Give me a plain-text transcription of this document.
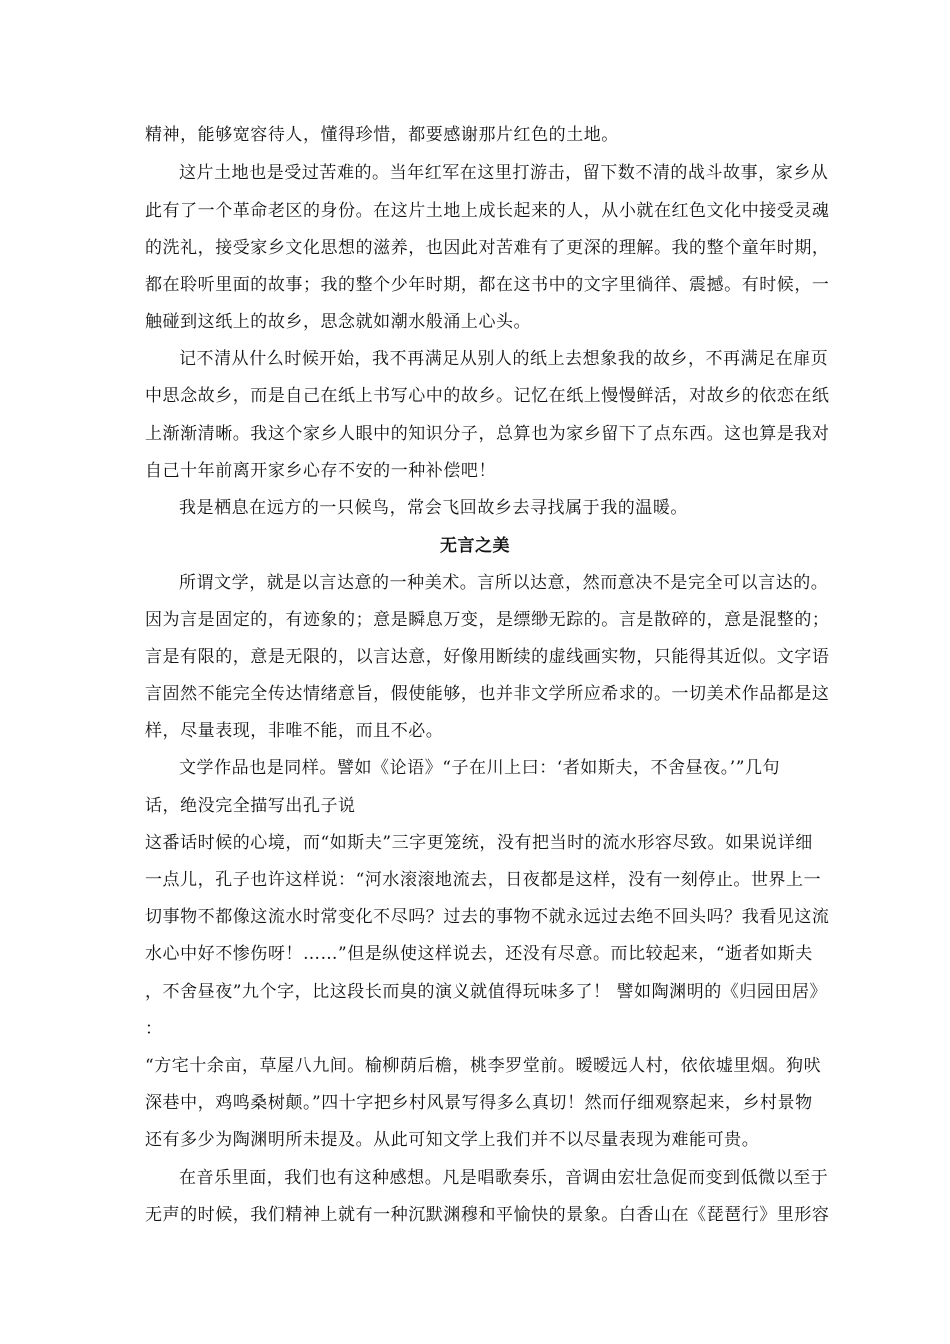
精神，能够宽容待人，懂得珍惜，都要感谢那片红色的土地。
这片土地也是受过苦难的。当年红军在这里打游击，留下数不清的战斗故事，家乡从
此有了一个革命老区的身份。在这片土地上成长起来的人，从小就在红色文化中接受灵魂
的洗礼，接受家乡文化思想的滋养，也因此对苦难有了更深的理解。我的整个童年时期，
都在聆听里面的故事；我的整个少年时期，都在这书中的文字里徜徉、震撼。有时候，一
触碰到这纸上的故乡，思念就如潮水般涌上心头。
记不清从什么时候开始，我不再满足从别人的纸上去想象我的故乡，不再满足在扉页
中思念故乡，而是自己在纸上书写心中的故乡。记忆在纸上慢慢鲜活，对故乡的依恋在纸
上渐渐清晰。我这个家乡人眼中的知识分子，总算也为家乡留下了点东西。这也算是我对
自己十年前离开家乡心存不安的一种补偿吧！
我是栖息在远方的一只候鸟，常会飞回故乡去寻找属于我的温暖。
无言之美
所谓文学，就是以言达意的一种美术。言所以达意，然而意决不是完全可以言达的。
因为言是固定的，有迹象的；意是瞬息万变，是缥缈无踪的。言是散碎的，意是混整的；
言是有限的，意是无限的，以言达意，好像用断续的虚线画实物，只能得其近似。文字语
言固然不能完全传达情绪意旨，假使能够，也并非文学所应希求的。一切美术作品都是这
样，尽量表现，非唯不能，而且不必。
文学作品也是同样。譬如《论语》“子在川上曰：‘者如斯夫，不舍昼夜。’”几句
话，绝没完全描写出孔子说
这番话时候的心境，而“如斯夫”三字更笼统，没有把当时的流水形容尽致。如果说详细
一点儿，孔子也许这样说：“河水滚滚地流去，日夜都是这样，没有一刻停止。世界上一
切事物不都像这流水时常变化不尽吗？过去的事物不就永远过去绝不回头吗？我看见这流
水心中好不惨伤呀！……”但是纵使这样说去，还没有尽意。而比较起来，“逝者如斯夫
，不舍昼夜”九个字，比这段长而臭的演义就值得玩味多了！ 譬如陶渊明的《归园田居》
：
“方宅十余亩，草屋八九间。榆柳荫后檐，桃李罗堂前。暧暧远人村，依依墟里烟。狗吠
深巷中，鸡鸣桑树颠。”四十字把乡村风景写得多么真切！然而仔细观察起来，乡村景物
还有多少为陶渊明所未提及。从此可知文学上我们并不以尽量表现为难能可贵。
在音乐里面，我们也有这种感想。凡是唱歌奏乐，音调由宏壮急促而变到低微以至于
无声的时候，我们精神上就有一种沉默渊穆和平愉快的景象。白香山在《琵琶行》里形容
